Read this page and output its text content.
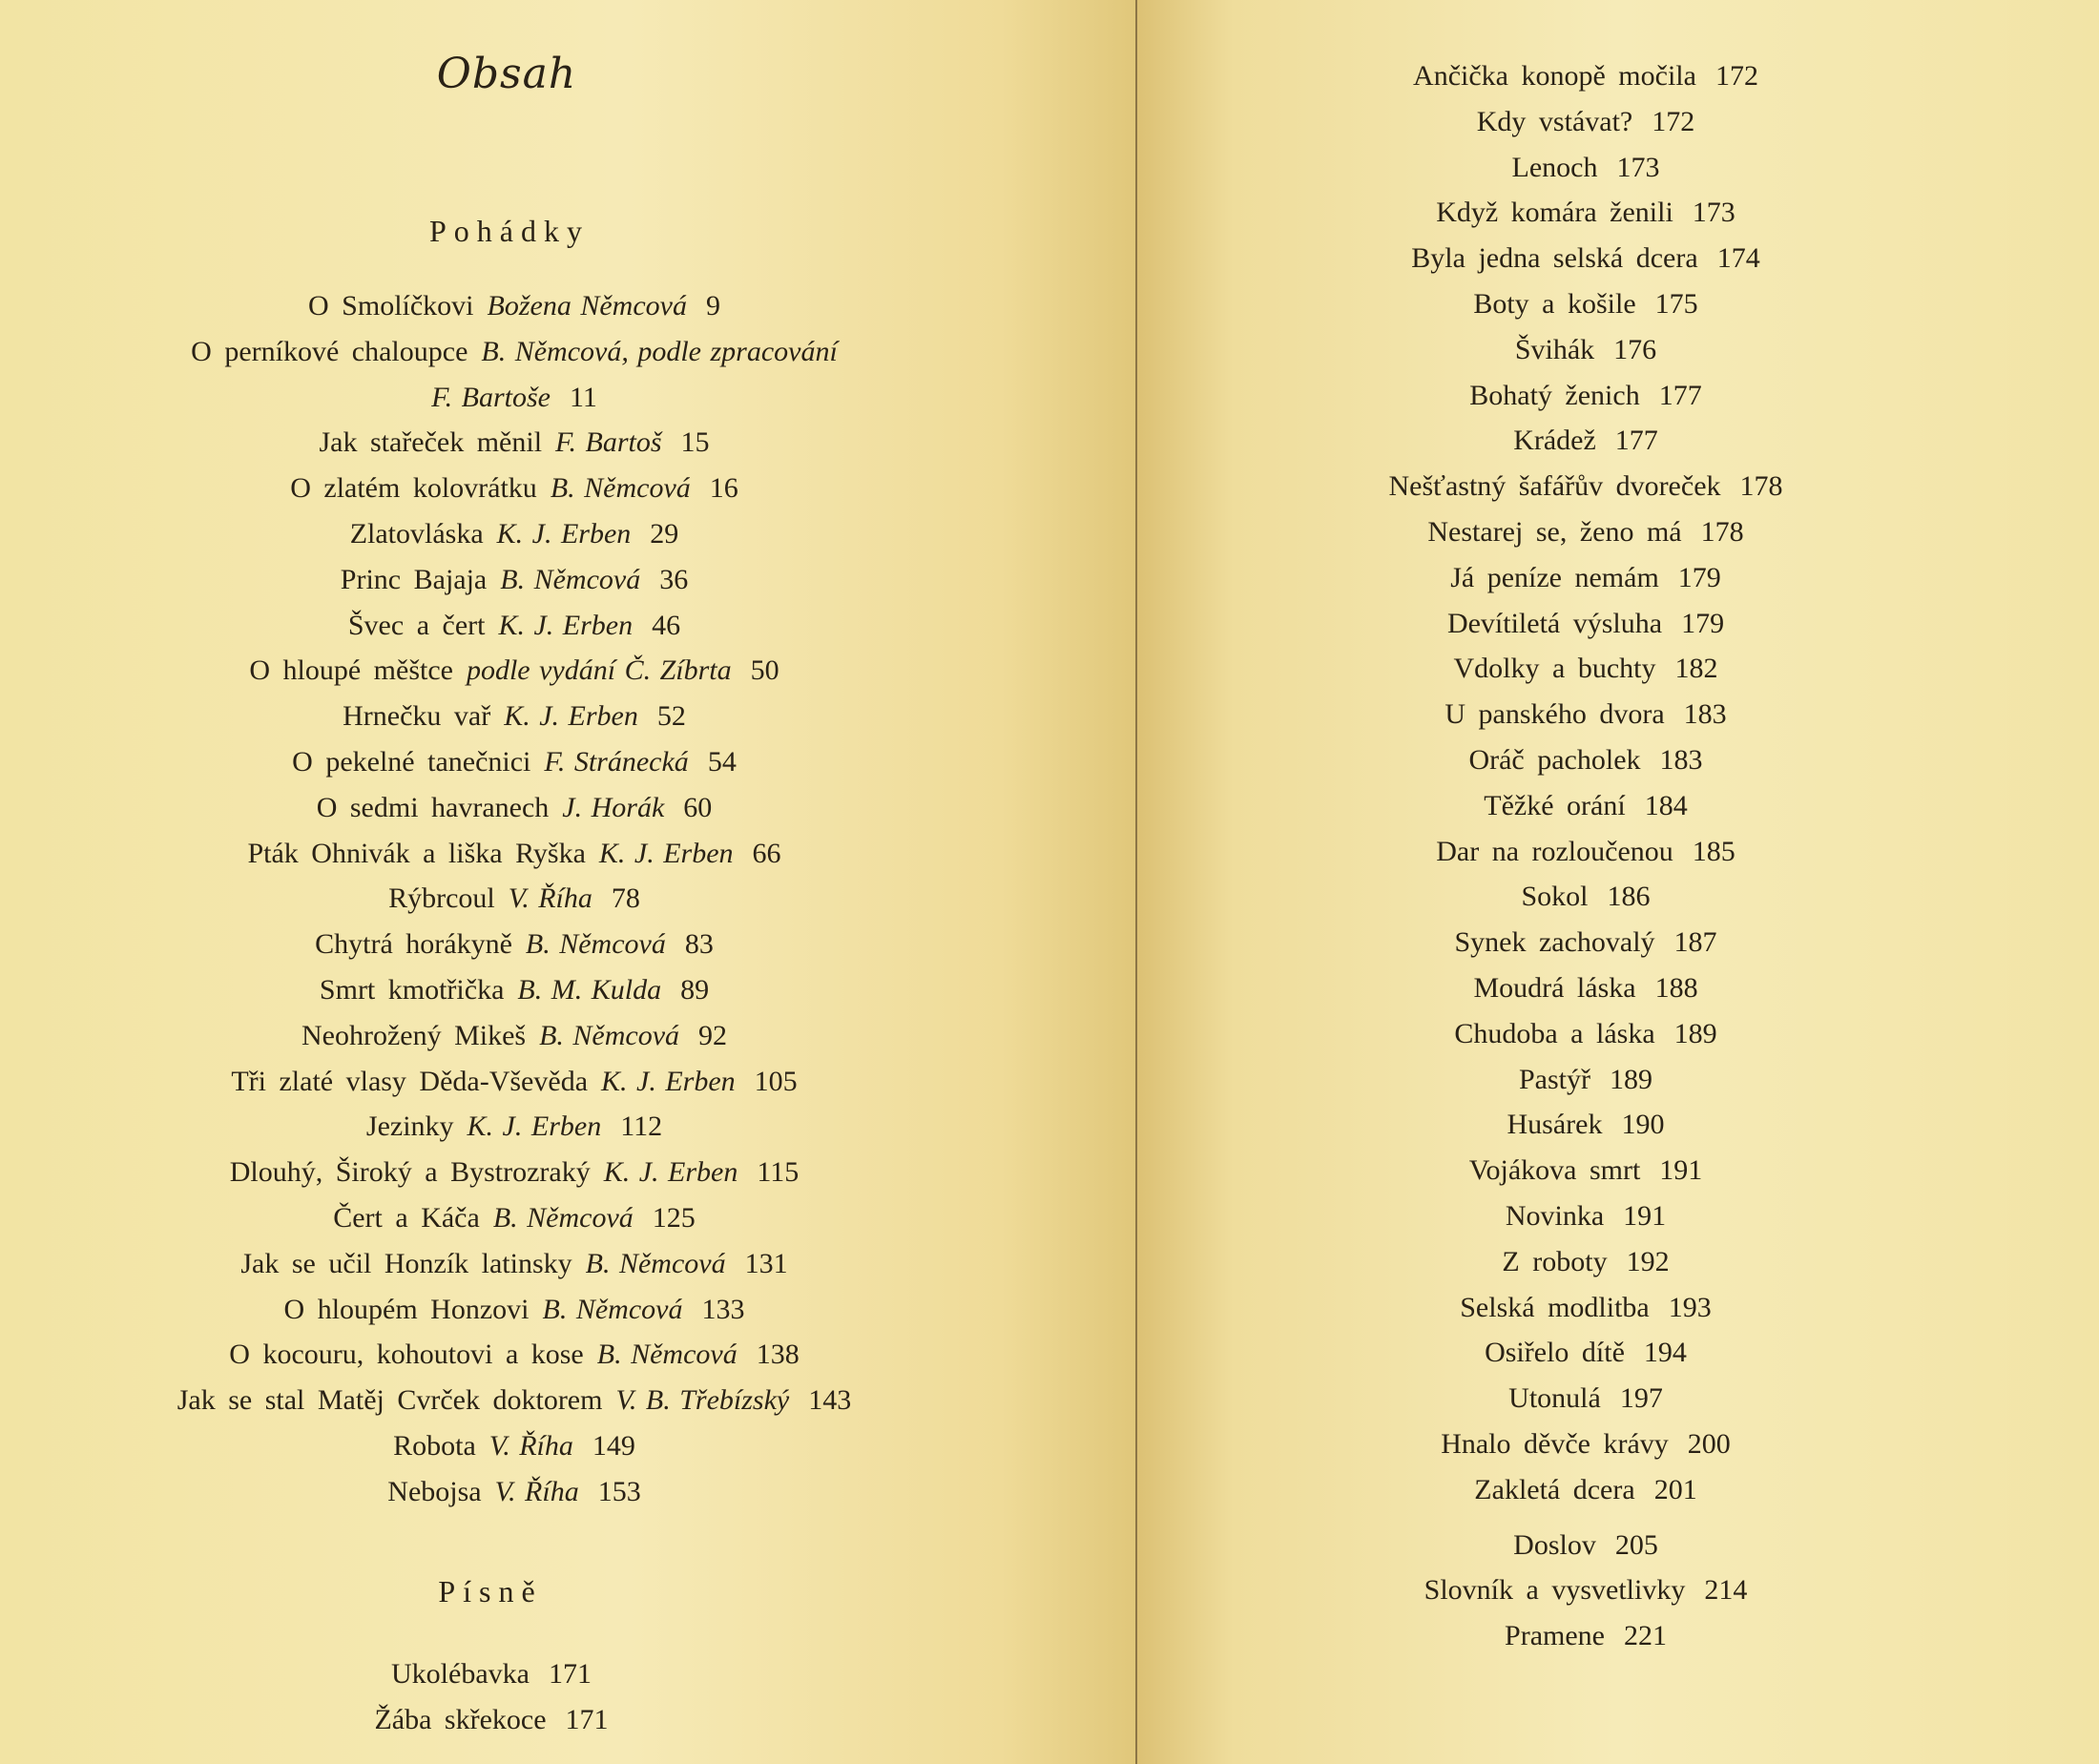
Obsah
Pohádky
O Smolíčkovi Božena Němcová 9
O perníkové chaloupce B. Němcová, podle zpracování
F. Bartoše 11
Jak stařeček měnil F. Bartoš 15
O zlatém kolovrátku B. Němcová 16
Zlatovláska K. J. Erben 29
Princ Bajaja B. Němcová 36
Švec a čert K. J. Erben 46
O hloupé měštce podle vydání Č. Zíbrta 50
Hrnečku vař K. J. Erben 52
O pekelné tanečnici F. Stránecká 54
O sedmi havranech J. Horák 60
Pták Ohnivák a liška Ryška K. J. Erben 66
Rýbrcoul V. Říha 78
Chytrá horákyně B. Němcová 83
Smrt kmotřička B. M. Kulda 89
Neohrožený Mikeš B. Němcová 92
Tři zlaté vlasy Děda-Vševěda K. J. Erben 105
Jezinky K. J. Erben 112
Dlouhý, Široký a Bystrozraký K. J. Erben 115
Čert a Káča B. Němcová 125
Jak se učil Honzík latinsky B. Němcová 131
O hloupém Honzovi B. Němcová 133
O kocouru, kohoutovi a kose B. Němcová 138
Jak se stal Matěj Cvrček doktorem V. B. Třebízský 143
Robota V. Říha 149
Nebojsa V. Říha 153
Písně
Ukolébavka 171
Žába skřekoce 171
Ančička konopě močila 172
Kdy vstávat? 172
Lenoch 173
Když komára ženili 173
Byla jedna selská dcera 174
Boty a košile 175
Švihák 176
Bohatý ženich 177
Krádež 177
Nešťastný šafářův dvoreček 178
Nestarej se, ženo má 178
Já peníze nemám 179
Devítiletá výsluha 179
Vdolky a buchty 182
U panského dvora 183
Oráč pacholek 183
Těžké orání 184
Dar na rozloučenou 185
Sokol 186
Synek zachovalý 187
Moudrá láska 188
Chudoba a láska 189
Pastýř 189
Husárek 190
Vojákova smrt 191
Novinka 191
Z roboty 192
Selská modlitba 193
Osiřelo dítě 194
Utonulá 197
Hnalo děvče krávy 200
Zakletá dcera 201
Doslov 205
Slovník a vysvetlivky 214
Pramene 221
